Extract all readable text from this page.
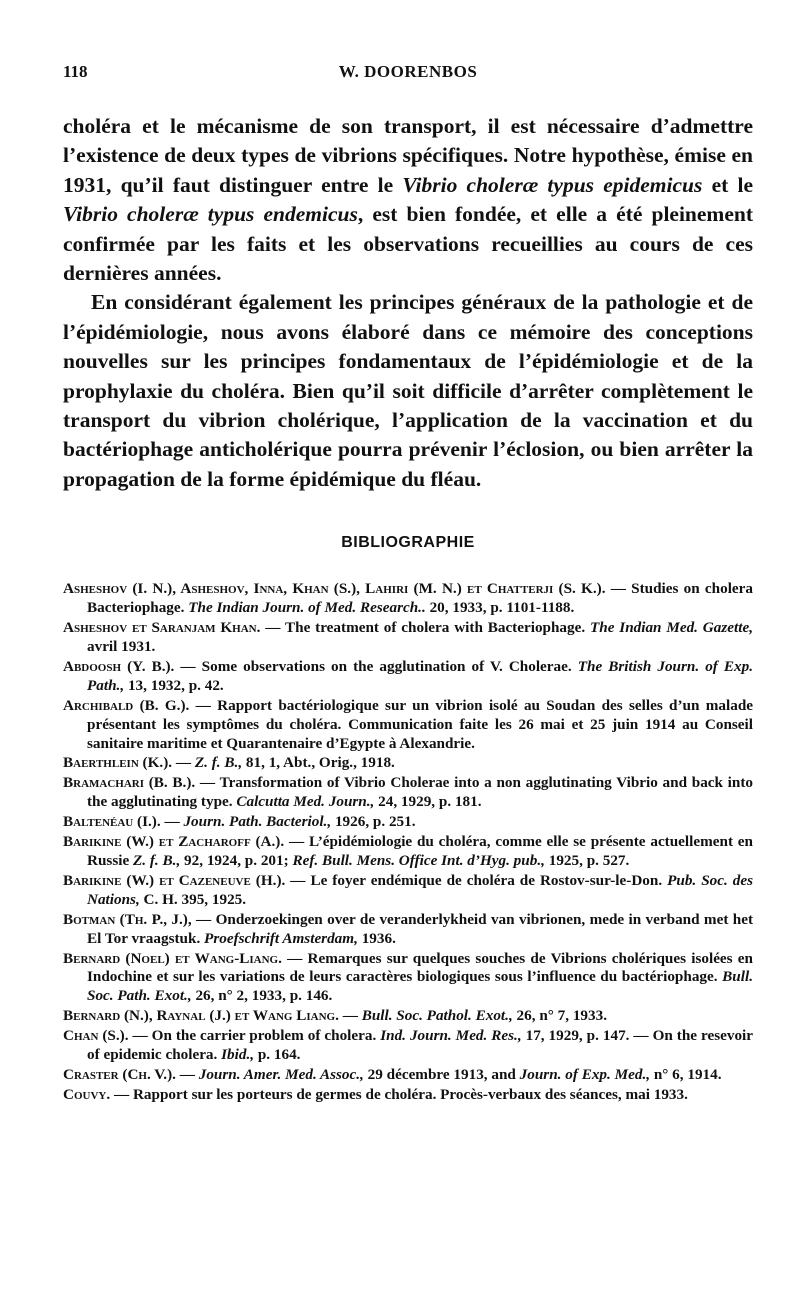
118	W. DOORENBOS

choléra et le mécanisme de son transport, il est nécessaire d’admettre l’existence de deux types de vibrions spécifiques. Notre hypothèse, émise en 1931, qu’il faut distinguer entre le Vibrio choleræ typus epidemicus et le Vibrio choleræ typus endemicus, est bien fondée, et elle a été pleinement confirmée par les faits et les observations recueillies au cours de ces dernières années.

En considérant également les principes généraux de la pathologie et de l’épidémiologie, nous avons élaboré dans ce mémoire des conceptions nouvelles sur les principes fondamentaux de l’épidémiologie et de la prophylaxie du choléra. Bien qu’il soit difficile d’arrêter complètement le transport du vibrion cholérique, l’application de la vaccination et du bactériophage anticholérique pourra prévenir l’éclosion, ou bien arrêter la propagation de la forme épidémique du fléau.

BIBLIOGRAPHIE
Asheshov (I. N.), Asheshov, Inna, Khan (S.), Lahiri (M. N.) et Chatterji (S. K.). — Studies on cholera Bacteriophage. The Indian Journ. of Med. Research.. 20, 1933, p. 1101-1188.
Asheshov et Saranjam Khan. — The treatment of cholera with Bacteriophage. The Indian Med. Gazette, avril 1931.
Abdoosh (Y. B.). — Some observations on the agglutination of V. Cholerae. The British Journ. of Exp. Path., 13, 1932, p. 42.
Archibald (B. G.). — Rapport bactériologique sur un vibrion isolé au Soudan des selles d’un malade présentant les symptômes du choléra. Communication faite les 26 mai et 25 juin 1914 au Conseil sanitaire maritime et Quarantenaire d’Egypte à Alexandrie.
Baerthlein (K.). — Z. f. B., 81, 1, Abt., Orig., 1918.
Bramachari (B. B.). — Transformation of Vibrio Cholerae into a non agglutinating Vibrio and back into the agglutinating type. Calcutta Med. Journ., 24, 1929, p. 181.
Baltenéau (I.). — Journ. Path. Bacteriol., 1926, p. 251.
Barikine (W.) et Zacharoff (A.). — L’épidémiologie du choléra, comme elle se présente actuellement en Russie Z. f. B., 92, 1924, p. 201; Ref. Bull. Mens. Office Int. d’Hyg. pub., 1925, p. 527.
Barikine (W.) et Cazeneuve (H.). — Le foyer endémique de choléra de Rostov-sur-le-Don. Pub. Soc. des Nations, C. H. 395, 1925.
Botman (Th. P., J.), — Onderzoekingen over de veranderlykheid van vibrionen, mede in verband met het El Tor vraagstuk. Proefschrift Amsterdam, 1936.
Bernard (Noel) et Wang-Liang. — Remarques sur quelques souches de Vibrions cholériques isolées en Indochine et sur les variations de leurs caractères biologiques sous l’influence du bactériophage. Bull. Soc. Path. Exot., 26, n° 2, 1933, p. 146.
Bernard (N.), Raynal (J.) et Wang Liang. — Bull. Soc. Pathol. Exot., 26, n° 7, 1933.
Chan (S.). — On the carrier problem of cholera. Ind. Journ. Med. Res., 17, 1929, p. 147. — On the resevoir of epidemic cholera. Ibid., p. 164.
Craster (Ch. V.). — Journ. Amer. Med. Assoc., 29 décembre 1913, and Journ. of Exp. Med., n° 6, 1914.
Couvy. — Rapport sur les porteurs de germes de choléra. Procès-verbaux des séances, mai 1933.
